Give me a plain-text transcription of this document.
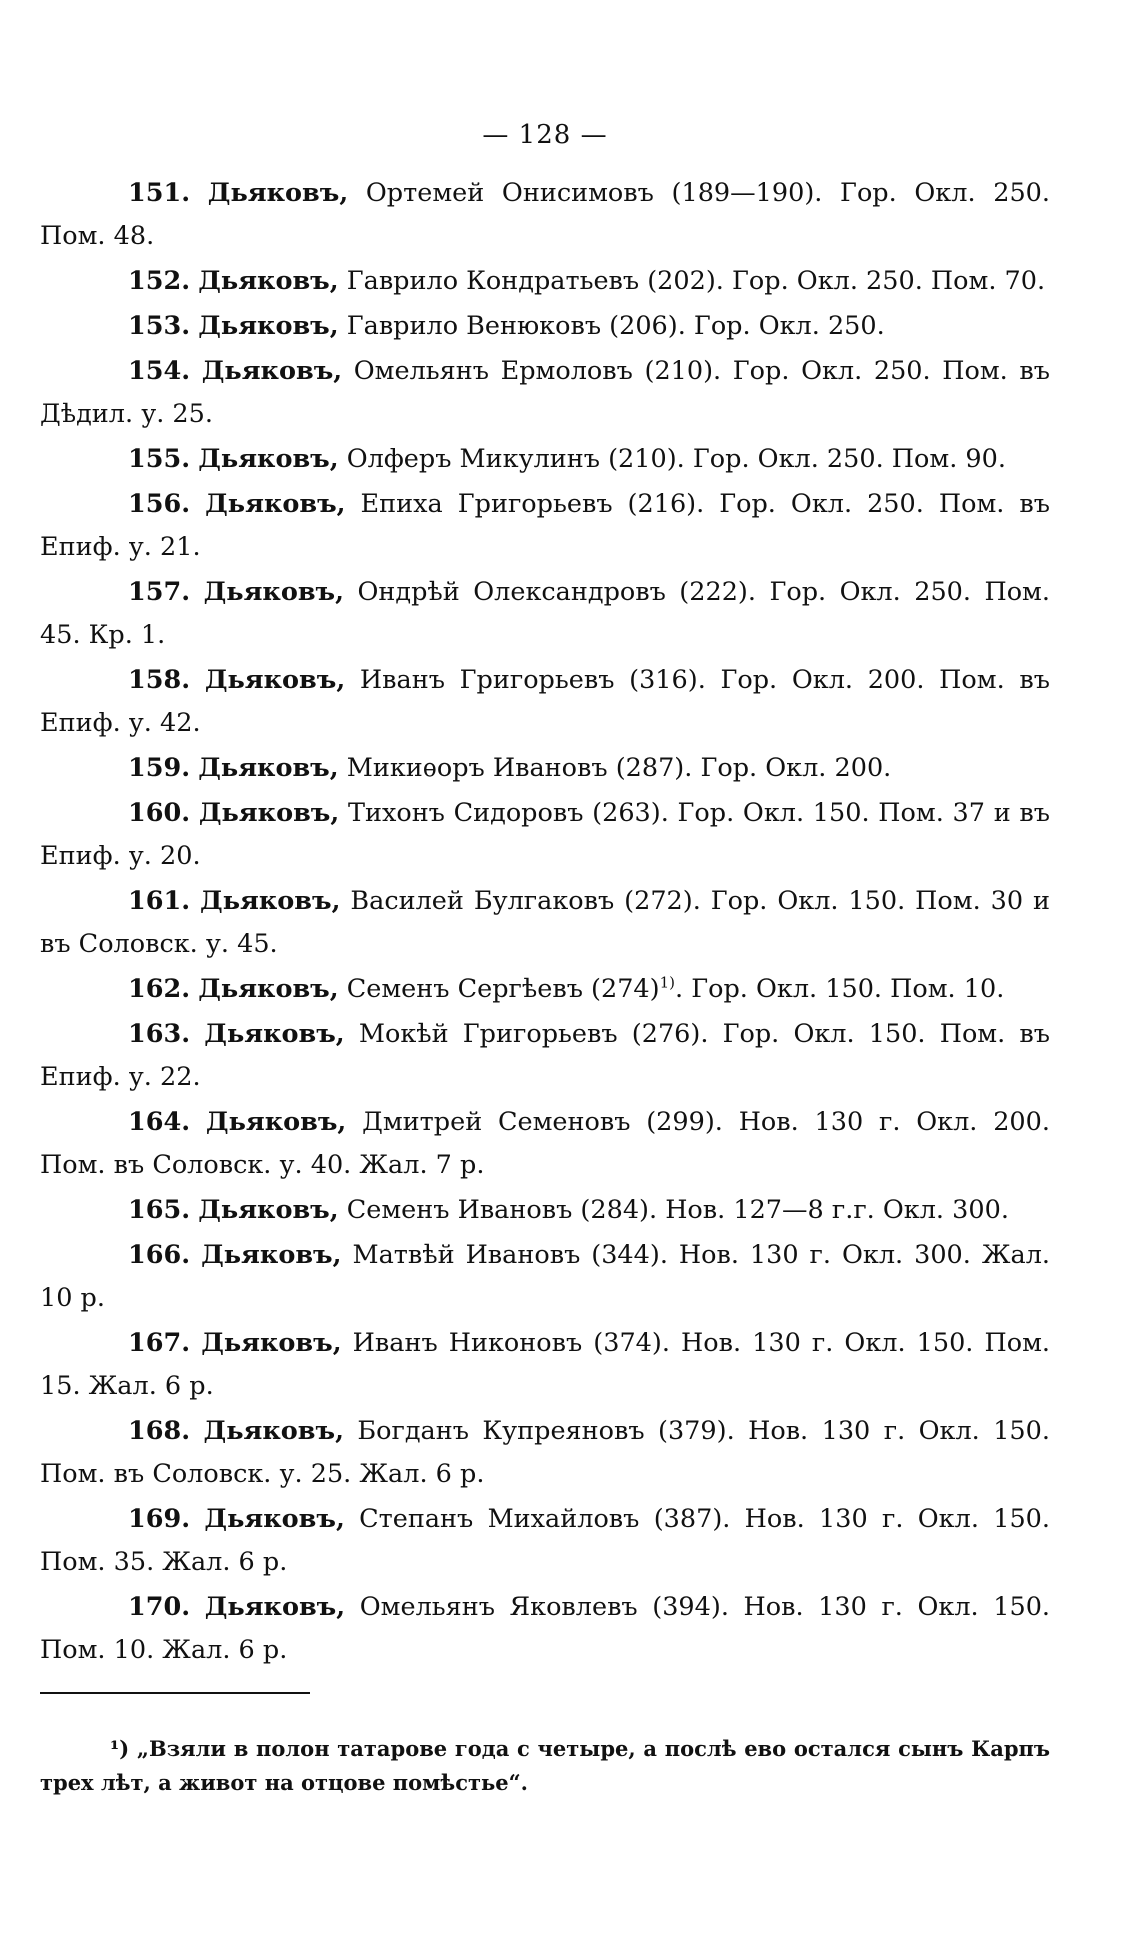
— 128 —

151. Дьяковъ, Ортемей Онисимовъ (189—190). Гор. Окл. 250. Пом. 48.

152. Дьяковъ, Гаврило Кондратьевъ (202). Гор. Окл. 250. Пом. 70.

153. Дьяковъ, Гаврило Венюковъ (206). Гор. Окл. 250.

154. Дьяковъ, Омельянъ Ермоловъ (210). Гор. Окл. 250. Пом. въ Дѣдил. у. 25.

155. Дьяковъ, Олферъ Микулинъ (210). Гор. Окл. 250. Пом. 90.

156. Дьяковъ, Епиха Григорьевъ (216). Гор. Окл. 250. Пом. въ Епиф. у. 21.

157. Дьяковъ, Ондрѣй Олександровъ (222). Гор. Окл. 250. Пом. 45. Кр. 1.

158. Дьяковъ, Иванъ Григорьевъ (316). Гор. Окл. 200. Пом. въ Епиф. у. 42.

159. Дьяковъ, Микиѳоръ Ивановъ (287). Гор. Окл. 200.

160. Дьяковъ, Тихонъ Сидоровъ (263). Гор. Окл. 150. Пом. 37 и въ Епиф. у. 20.

161. Дьяковъ, Василей Булгаковъ (272). Гор. Окл. 150. Пом. 30 и въ Соловск. у. 45.

162. Дьяковъ, Семенъ Сергѣевъ $(274)^{1)}$. Гор. Окл. 150. Пом. 10.

163. Дьяковъ, Мокѣй Григорьевъ (276). Гор. Окл. 150. Пом. въ Епиф. у. 22.

164. Дьяковъ, Дмитрей Семеновъ (299). Нов. 130 г. Окл. 200. Пом. въ Соловск. у. 40. Жал. 7 р.

165. Дьяковъ, Семенъ Ивановъ (284). Нов. 127—8 г.г. Окл. 300.

166. Дьяковъ, Матвѣй Ивановъ (344). Нов. 130 г. Окл. 300. Жал. 10 р.

167. Дьяковъ, Иванъ Никоновъ (374). Нов. 130 г. Окл. 150. Пом. 15. Жал. 6 р.

168. Дьяковъ, Богданъ Купреяновъ (379). Нов. 130 г. Окл. 150. Пом. въ Соловск. у. 25. Жал. 6 р.

169. Дьяковъ, Степанъ Михайловъ (387). Нов. 130 г. Окл. 150. Пом. 35. Жал. 6 р.

170. Дьяковъ, Омельянъ Яковлевъ (394). Нов. 130 г. Окл. 150. Пом. 10. Жал. 6 р.

¹) „Взяли в полон татарове года с четыре, а послѣ ево остался сынъ Карпъ трех лѣт, а живот на отцове помѣстье“.
